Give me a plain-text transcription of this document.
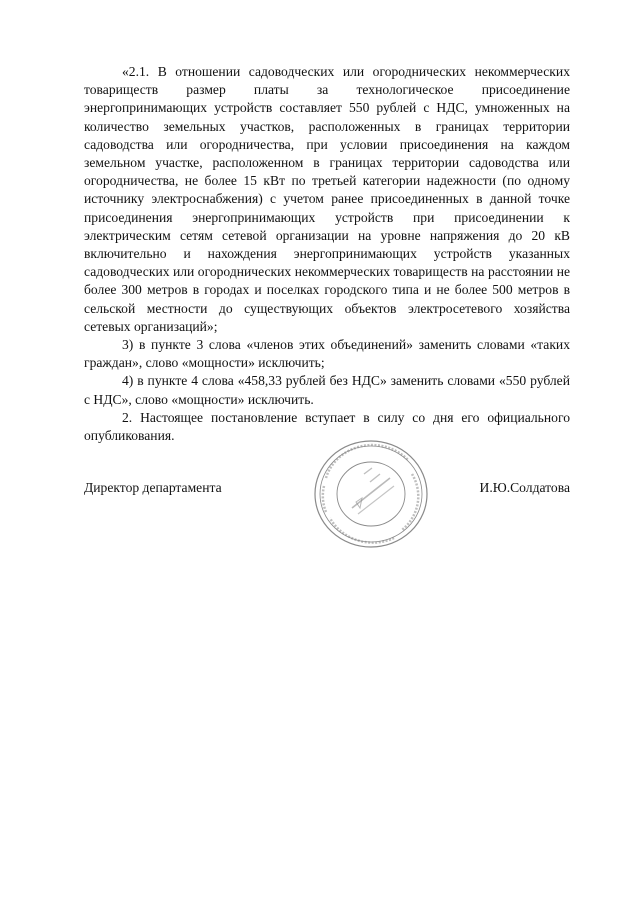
«2.1. В отношении садоводческих или огороднических некоммерческих товариществ размер платы за технологическое присоединение энергопринимающих устройств составляет 550 рублей с НДС, умноженных на количество земельных участков, расположенных в границах территории садоводства или огородничества, при условии присоединения на каждом земельном участке, расположенном в границах территории садоводства или огородничества, не более 15 кВт по третьей категории надежности (по одному источнику электроснабжения) с учетом ранее присоединенных в данной точке присоединения энергопринимающих устройств при присоединении к электрическим сетям сетевой организации на уровне напряжения до 20 кВ включительно и нахождения энергопринимающих устройств указанных садоводческих или огороднических некоммерческих товариществ на расстоянии не более 300 метров в городах и поселках городского типа и не более 500 метров в сельской местности до существующих объектов электросетевого хозяйства сетевых организаций»;

3) в пункте 3 слова «членов этих объединений» заменить словами «таких граждан», слово «мощности» исключить;

4) в пункте 4 слова «458,33 рублей без НДС» заменить словами «550 рублей с НДС», слово «мощности» исключить.

2. Настоящее постановление вступает в силу со дня его официального опубликования.

Директор департамента	И.Ю.Солдатова
